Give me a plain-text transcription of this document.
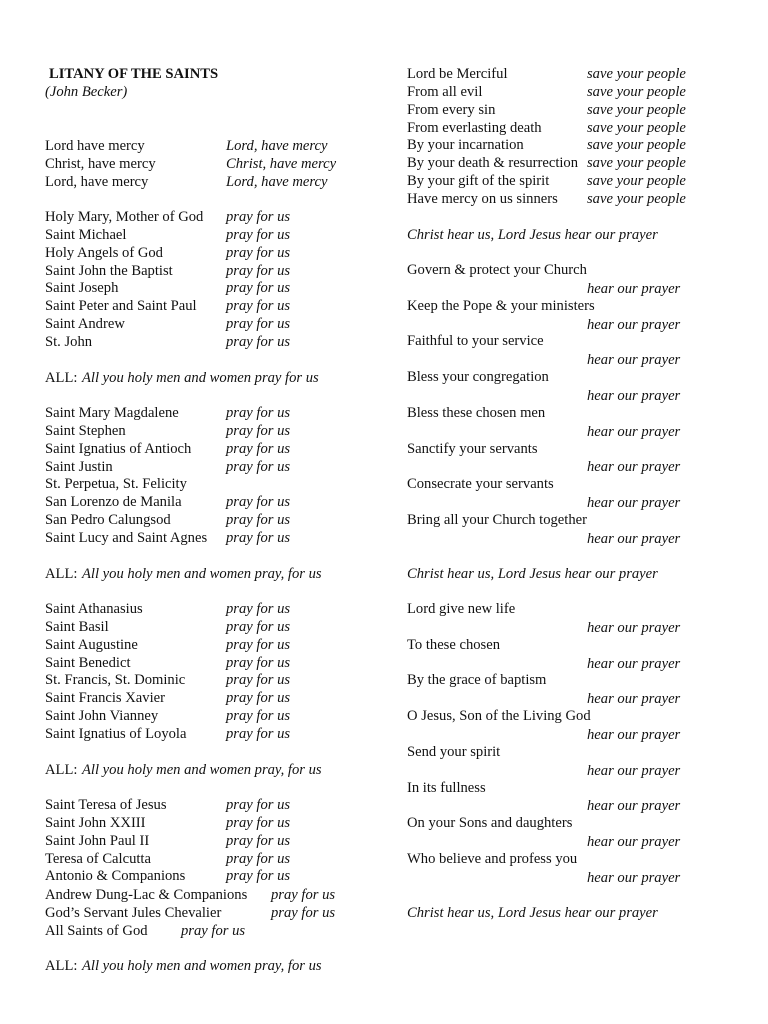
LITANY OF THE SAINTS
(John Becker)
Lord have mercy	Lord, have mercy
Christ, have mercy	Christ, have mercy
Lord, have mercy	Lord, have mercy
Holy Mary, Mother of God pray for us
Saint Michael	pray for us
Holy Angels of God	pray for us
Saint John the Baptist	pray for us
Saint Joseph	pray for us
Saint Peter and Saint Paul pray for us
Saint Andrew	pray for us
St. John	pray for us
ALL: All you holy men and women pray for us
Saint Mary Magdalene	pray for us
Saint Stephen	pray for us
Saint Ignatius of Antioch pray for us
Saint Justin	pray for us
St. Perpetua, St. Felicity
San Lorenzo de Manila	pray for us
San Pedro Calungsod	pray for us
Saint Lucy and Saint Agnes pray for us
ALL: All you holy men and women pray, for us
Saint Athanasius	pray for us
Saint Basil	pray for us
Saint Augustine	pray for us
Saint Benedict	pray for us
St. Francis, St. Dominic	pray for us
Saint Francis Xavier	pray for us
Saint John Vianney	pray for us
Saint Ignatius of Loyola	pray for us
ALL: All you holy men and women pray, for us
Saint Teresa of Jesus	pray for us
Saint John XXIII	pray for us
Saint John Paul II	pray for us
Teresa of Calcutta	pray for us
Antonio & Companions	pray for us
Andrew Dung-Lac & Companions pray for us
God’s Servant Jules Chevalier	pray for us
All Saints of God pray for us
ALL: All you holy men and women pray, for us
Lord be Merciful	save your people
From all evil	save your people
From every sin	save your people
From everlasting death	save your people
By your incarnation	save your people
By your death & resurrection save your people
By your gift of the spirit	save your people
Have mercy on us sinners save your people
Christ hear us, Lord Jesus hear our prayer
Govern & protect your Church
hear our prayer
Keep the Pope & your ministers
hear our prayer
Faithful to your service
hear our prayer
Bless your congregation
hear our prayer
Bless these chosen men
hear our prayer
Sanctify your servants
hear our prayer
Consecrate your servants
hear our prayer
Bring all your Church together
hear our prayer
Christ hear us, Lord Jesus hear our prayer
Lord give new life
hear our prayer
To these chosen
hear our prayer
By the grace of baptism
hear our prayer
O Jesus, Son of the Living God
hear our prayer
Send your spirit
hear our prayer
In its fullness
hear our prayer
On your Sons and daughters
hear our prayer
Who believe and profess you
hear our prayer
Christ hear us, Lord Jesus hear our prayer
